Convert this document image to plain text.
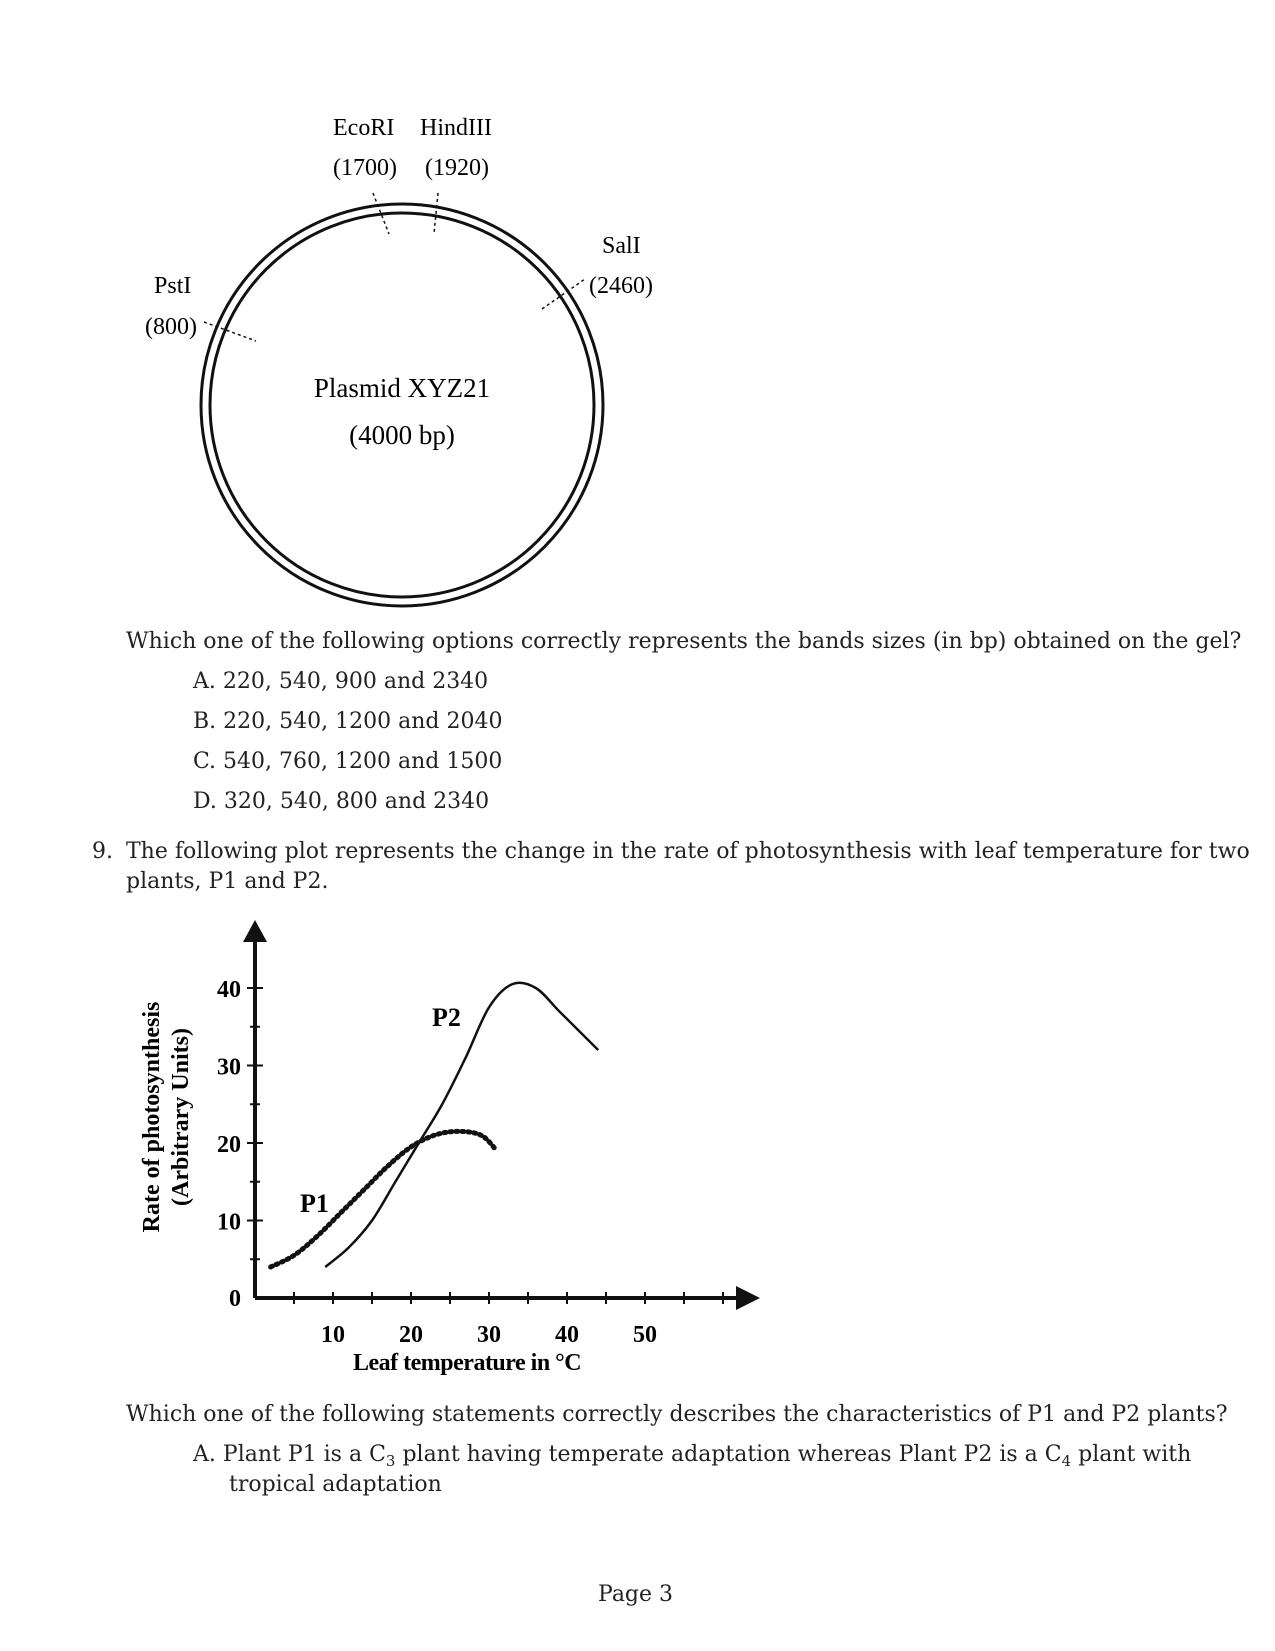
Plasmid XYZ21
(4000 bp)
EcoRI
(1700)
HindIII
(1920)
SalI
(2460)
PstI
(800)
Which one of the following options correctly represents the bands sizes (in bp) obtained on the gel?
A. 220, 540, 900 and 2340
B. 220, 540, 1200 and 2040
C. 540, 760, 1200 and 1500
D. 320, 540, 800 and 2340
9. The following plot represents the change in the rate of photosynthesis with leaf temperature for two
plants, P1 and P2.
10 20 30 40 50
0
10
20
30
40
P1
P2
Leaf temperature in °C
Rate of photosynthesis (Arbitrary Units)
Which one of the following statements correctly describes the characteristics of P1 and P2 plants?
A. Plant P1 is a $C_3$ plant having temperate adaptation whereas Plant P2 is a $C_4$ plant with
tropical adaptation
Page 3
